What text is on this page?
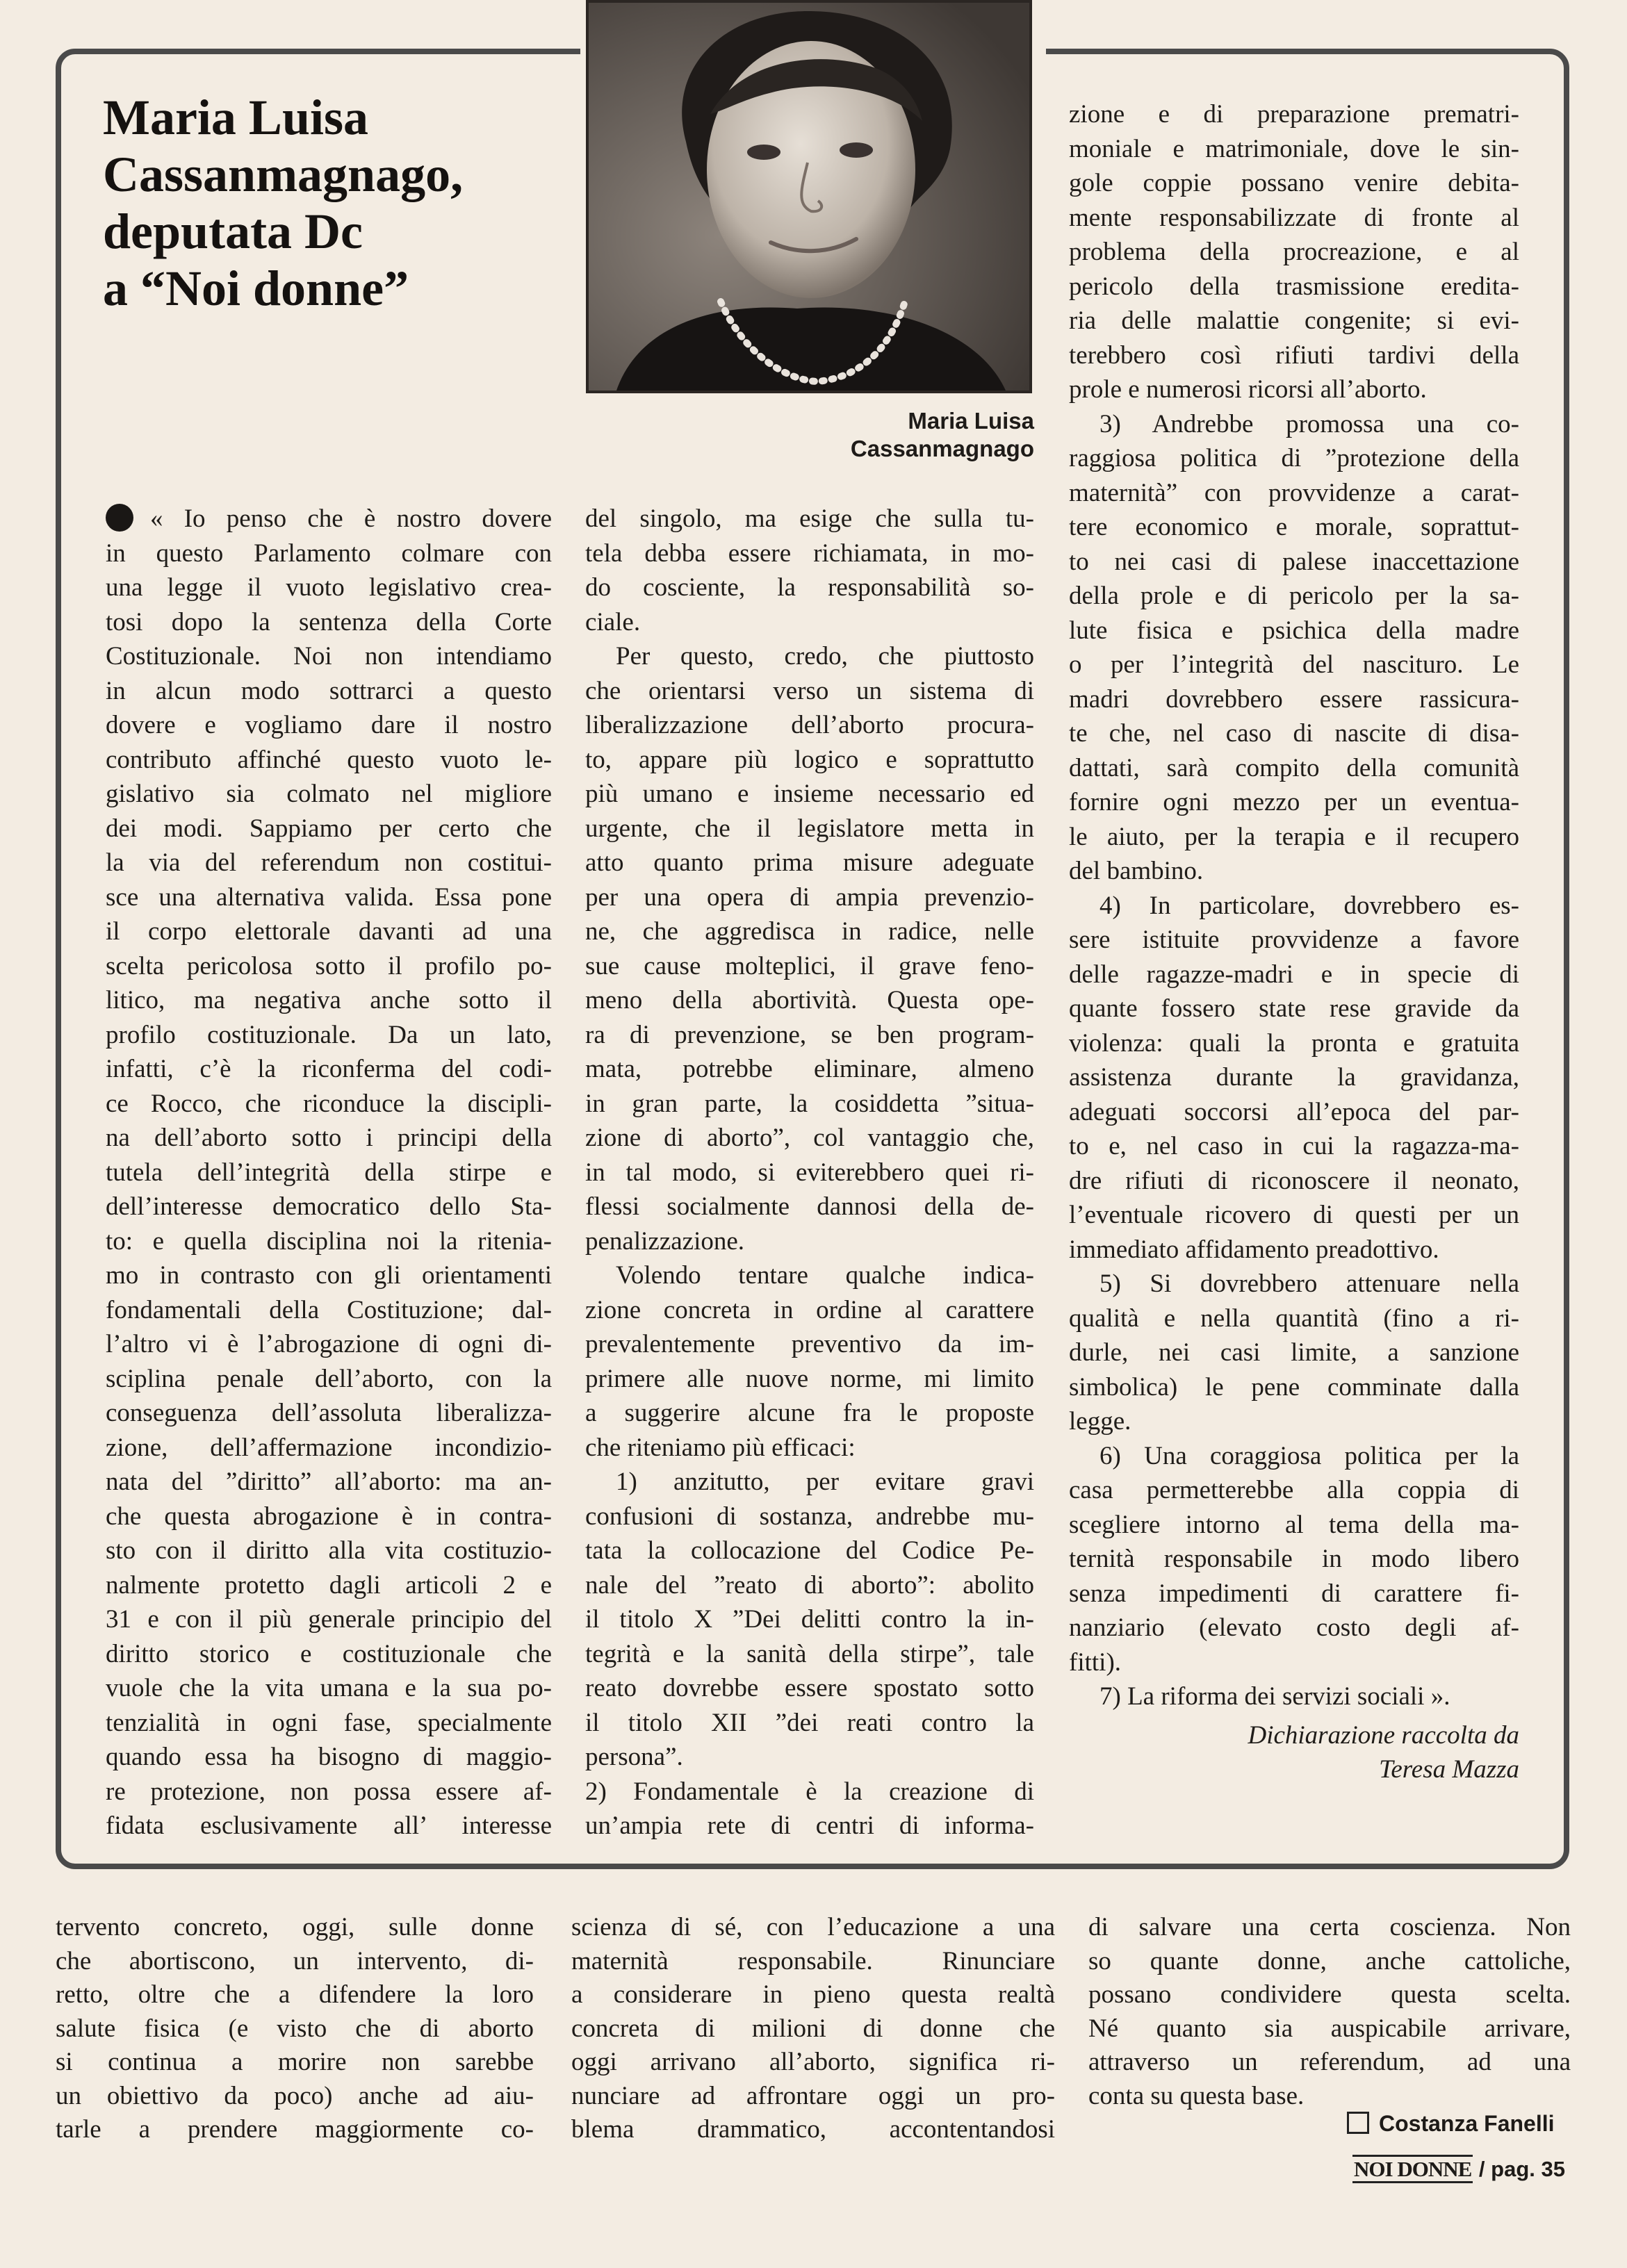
Maria Luisa
Cassanmagnago,
deputata Dc
a “Noi donne”
Maria Luisa
Cassanmagnago
« Io penso che è nostro dovere
in questo Parlamento colmare con
una legge il vuoto legislativo crea-
tosi dopo la sentenza della Corte
Costituzionale. Noi non intendiamo
in alcun modo sottrarci a questo
dovere e vogliamo dare il nostro
contributo affinché questo vuoto le-
gislativo sia colmato nel migliore
dei modi. Sappiamo per certo che
la via del referendum non costitui-
sce una alternativa valida. Essa pone
il corpo elettorale davanti ad una
scelta pericolosa sotto il profilo po-
litico, ma negativa anche sotto il
profilo costituzionale. Da un lato,
infatti, c’è la riconferma del codi-
ce Rocco, che riconduce la discipli-
na dell’aborto sotto i principi della
tutela dell’integrità della stirpe e
dell’interesse democratico dello Sta-
to: e quella disciplina noi la ritenia-
mo in contrasto con gli orientamenti
fondamentali della Costituzione; dal-
l’altro vi è l’abrogazione di ogni di-
sciplina penale dell’aborto, con la
conseguenza dell’assoluta liberalizza-
zione, dell’affermazione incondizio-
nata del ”diritto” all’aborto: ma an-
che questa abrogazione è in contra-
sto con il diritto alla vita costituzio-
nalmente protetto dagli articoli 2 e
31 e con il più generale principio del
diritto storico e costituzionale che
vuole che la vita umana e la sua po-
tenzialità in ogni fase, specialmente
quando essa ha bisogno di maggio-
re protezione, non possa essere af-
fidata esclusivamente all’ interesse
del singolo, ma esige che sulla tu-
tela debba essere richiamata, in mo-
do cosciente, la responsabilità so-
ciale.
Per questo, credo, che piuttosto
che orientarsi verso un sistema di
liberalizzazione dell’aborto procura-
to, appare più logico e soprattutto
più umano e insieme necessario ed
urgente, che il legislatore metta in
atto quanto prima misure adeguate
per una opera di ampia prevenzio-
ne, che aggredisca in radice, nelle
sue cause molteplici, il grave feno-
meno della abortività. Questa ope-
ra di prevenzione, se ben program-
mata, potrebbe eliminare, almeno
in gran parte, la cosiddetta ”situa-
zione di aborto”, col vantaggio che,
in tal modo, si eviterebbero quei ri-
flessi socialmente dannosi della de-
penalizzazione.
Volendo tentare qualche indica-
zione concreta in ordine al carattere
prevalentemente preventivo da im-
primere alle nuove norme, mi limito
a suggerire alcune fra le proposte
che riteniamo più efficaci:
1) anzitutto, per evitare gravi
confusioni di sostanza, andrebbe mu-
tata la collocazione del Codice Pe-
nale del ”reato di aborto”: abolito
il titolo X ”Dei delitti contro la in-
tegrità e la sanità della stirpe”, tale
reato dovrebbe essere spostato sotto
il titolo XII ”dei reati contro la
persona”.
2) Fondamentale è la creazione di
un’ampia rete di centri di informa-
zione e di preparazione prematri-
moniale e matrimoniale, dove le sin-
gole coppie possano venire debita-
mente responsabilizzate di fronte al
problema della procreazione, e al
pericolo della trasmissione eredita-
ria delle malattie congenite; si evi-
terebbero così rifiuti tardivi della
prole e numerosi ricorsi all’aborto.
3) Andrebbe promossa una co-
raggiosa politica di ”protezione della
maternità” con provvidenze a carat-
tere economico e morale, soprattut-
to nei casi di palese inaccettazione
della prole e di pericolo per la sa-
lute fisica e psichica della madre
o per l’integrità del nascituro. Le
madri dovrebbero essere rassicura-
te che, nel caso di nascite di disa-
dattati, sarà compito della comunità
fornire ogni mezzo per un eventua-
le aiuto, per la terapia e il recupero
del bambino.
4) In particolare, dovrebbero es-
sere istituite provvidenze a favore
delle ragazze-madri e in specie di
quante fossero state rese gravide da
violenza: quali la pronta e gratuita
assistenza durante la gravidanza,
adeguati soccorsi all’epoca del par-
to e, nel caso in cui la ragazza-ma-
dre rifiuti di riconoscere il neonato,
l’eventuale ricovero di questi per un
immediato affidamento preadottivo.
5) Si dovrebbero attenuare nella
qualità e nella quantità (fino a ri-
durle, nei casi limite, a sanzione
simbolica) le pene comminate dalla
legge.
6) Una coraggiosa politica per la
casa permetterebbe alla coppia di
scegliere intorno al tema della ma-
ternità responsabile in modo libero
senza impedimenti di carattere fi-
nanziario (elevato costo degli af-
fitti).
7) La riforma dei servizi sociali ».
Dichiarazione raccolta da
Teresa Mazza
tervento concreto, oggi, sulle donne
che abortiscono, un intervento, di-
retto, oltre che a difendere la loro
salute fisica (e visto che di aborto
si continua a morire non sarebbe
un obiettivo da poco) anche ad aiu-
tarle a prendere maggiormente co-
scienza di sé, con l’educazione a una
maternità responsabile. Rinunciare
a considerare in pieno questa realtà
concreta di milioni di donne che
oggi arrivano all’aborto, significa ri-
nunciare ad affrontare oggi un pro-
blema drammatico, accontentandosi
di salvare una certa coscienza. Non
so quante donne, anche cattoliche,
possano condividere questa scelta.
Né quanto sia auspicabile arrivare,
attraverso un referendum, ad una
conta su questa base.
Costanza Fanelli
NOI DONNE / pag. 35
